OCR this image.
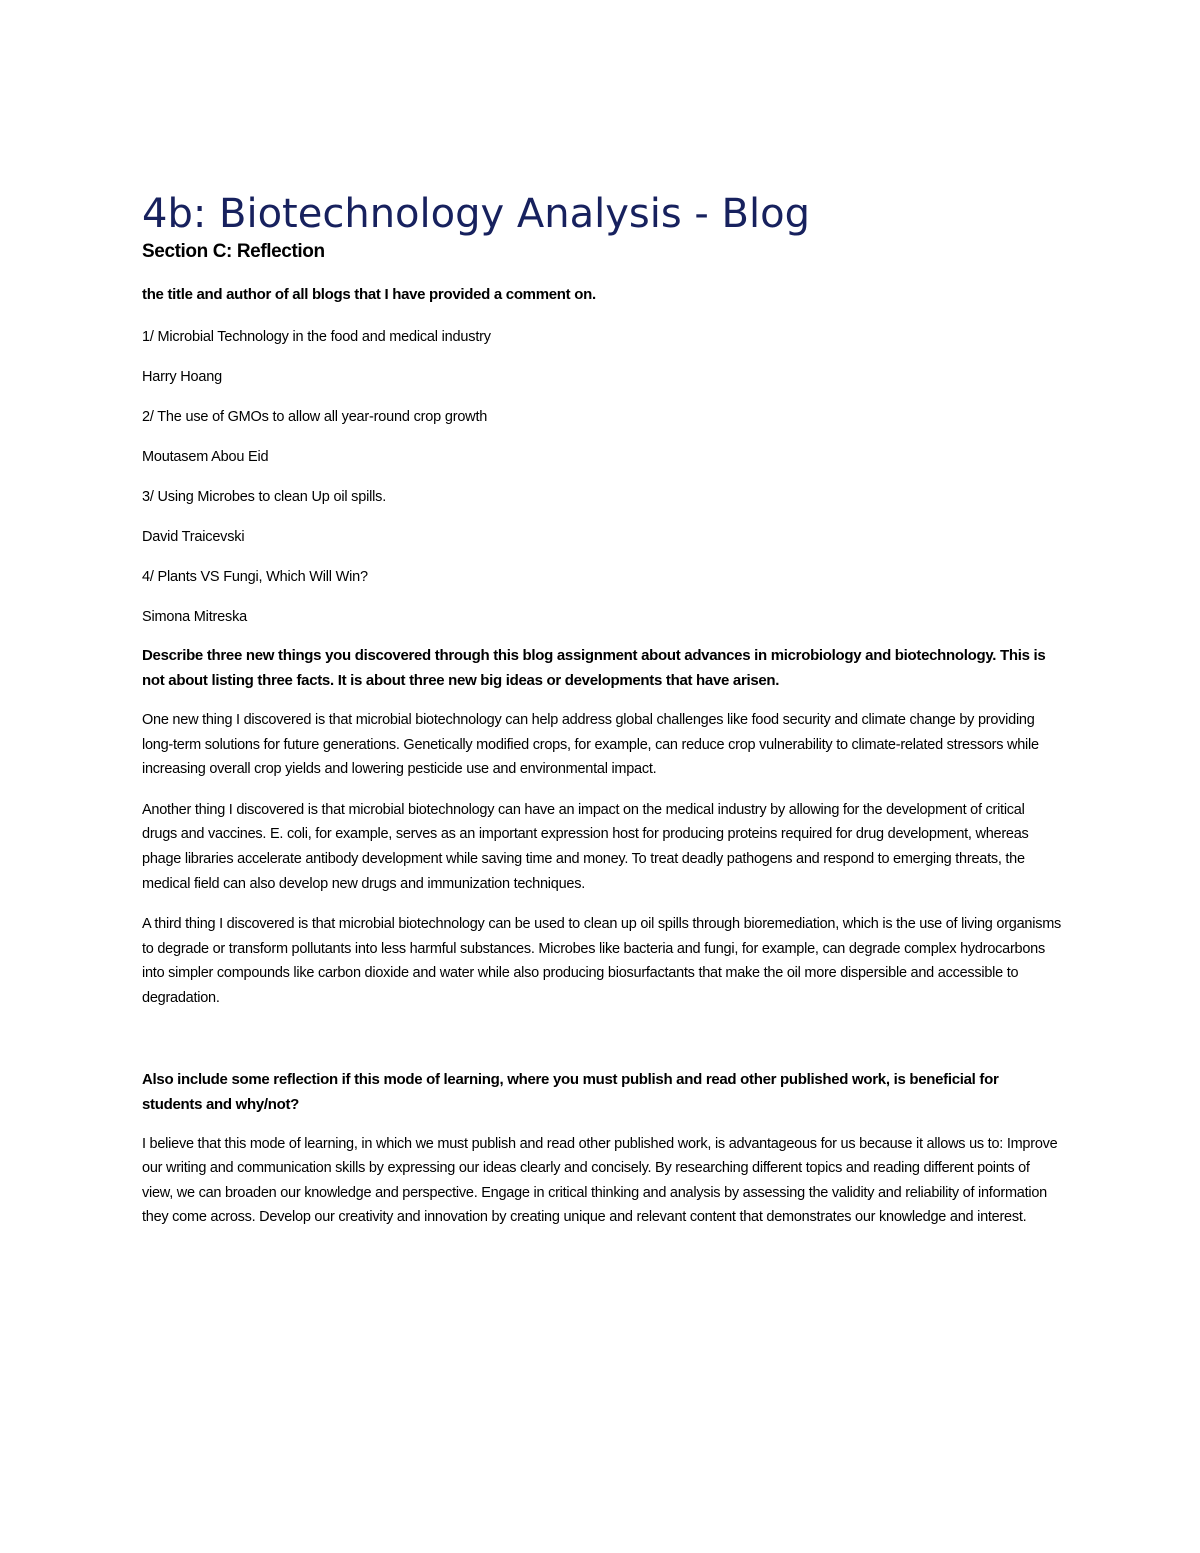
4b: Biotechnology Analysis - Blog
Section C: Reflection

the title and author of all blogs that I have provided a comment on.

1/ Microbial Technology in the food and medical industry

Harry Hoang

2/ The use of GMOs to allow all year-round crop growth

Moutasem Abou Eid

3/ Using Microbes to clean Up oil spills.

David Traicevski

4/ Plants VS Fungi, Which Will Win?

Simona Mitreska

Describe three new things you discovered through this blog assignment about advances in microbiology and biotechnology. This is not about listing three facts. It is about three new big ideas or developments that have arisen.

One new thing I discovered is that microbial biotechnology can help address global challenges like food security and climate change by providing long-term solutions for future generations. Genetically modified crops, for example, can reduce crop vulnerability to climate-related stressors while increasing overall crop yields and lowering pesticide use and environmental impact.

Another thing I discovered is that microbial biotechnology can have an impact on the medical industry by allowing for the development of critical drugs and vaccines. E. coli, for example, serves as an important expression host for producing proteins required for drug development, whereas phage libraries accelerate antibody development while saving time and money. To treat deadly pathogens and respond to emerging threats, the medical field can also develop new drugs and immunization techniques.

A third thing I discovered is that microbial biotechnology can be used to clean up oil spills through bioremediation, which is the use of living organisms to degrade or transform pollutants into less harmful substances. Microbes like bacteria and fungi, for example, can degrade complex hydrocarbons into simpler compounds like carbon dioxide and water while also producing biosurfactants that make the oil more dispersible and accessible to degradation.

Also include some reflection if this mode of learning, where you must publish and read other published work, is beneficial for students and why/not?

I believe that this mode of learning, in which we must publish and read other published work, is advantageous for us because it allows us to: Improve our writing and communication skills by expressing our ideas clearly and concisely. By researching different topics and reading different points of view, we can broaden our knowledge and perspective. Engage in critical thinking and analysis by assessing the validity and reliability of information they come across. Develop our creativity and innovation by creating unique and relevant content that demonstrates our knowledge and interest.
